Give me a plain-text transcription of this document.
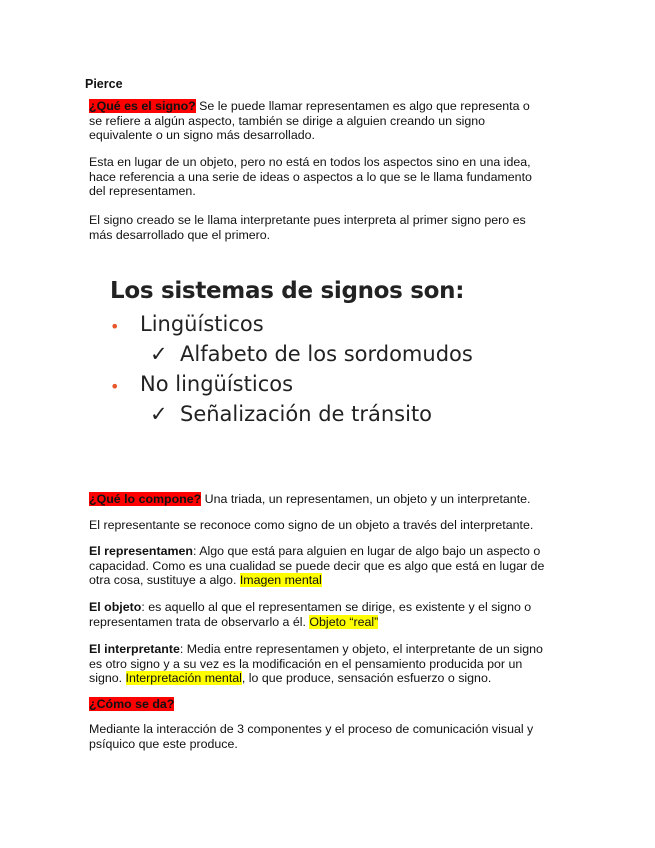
Pierce

¿Qué es el signo? Se le puede llamar representamen es algo que representa o
se refiere a algún aspecto, también se dirige a alguien creando un signo
equivalente o un signo más desarrollado.

Esta en lugar de un objeto, pero no está en todos los aspectos sino en una idea,
hace referencia a una serie de ideas o aspectos a lo que se le llama fundamento
del representamen.

El signo creado se le llama interpretante pues interpreta al primer signo pero es
más desarrollado que el primero.

Los sistemas de signos son:
• Lingüísticos
✓ Alfabeto de los sordomudos
• No lingüísticos
✓ Señalización de tránsito

¿Qué lo compone? Una triada, un representamen, un objeto y un interpretante.

El representante se reconoce como signo de un objeto a través del interpretante.

El representamen: Algo que está para alguien en lugar de algo bajo un aspecto o
capacidad. Como es una cualidad se puede decir que es algo que está en lugar de
otra cosa, sustituye a algo. Imagen mental

El objeto: es aquello al que el representamen se dirige, es existente y el signo o
representamen trata de observarlo a él. Objeto “real”

El interpretante: Media entre representamen y objeto, el interpretante de un signo
es otro signo y a su vez es la modificación en el pensamiento producida por un
signo. Interpretación mental, lo que produce, sensación esfuerzo o signo.

¿Cómo se da?

Mediante la interacción de 3 componentes y el proceso de comunicación visual y
psíquico que este produce.
